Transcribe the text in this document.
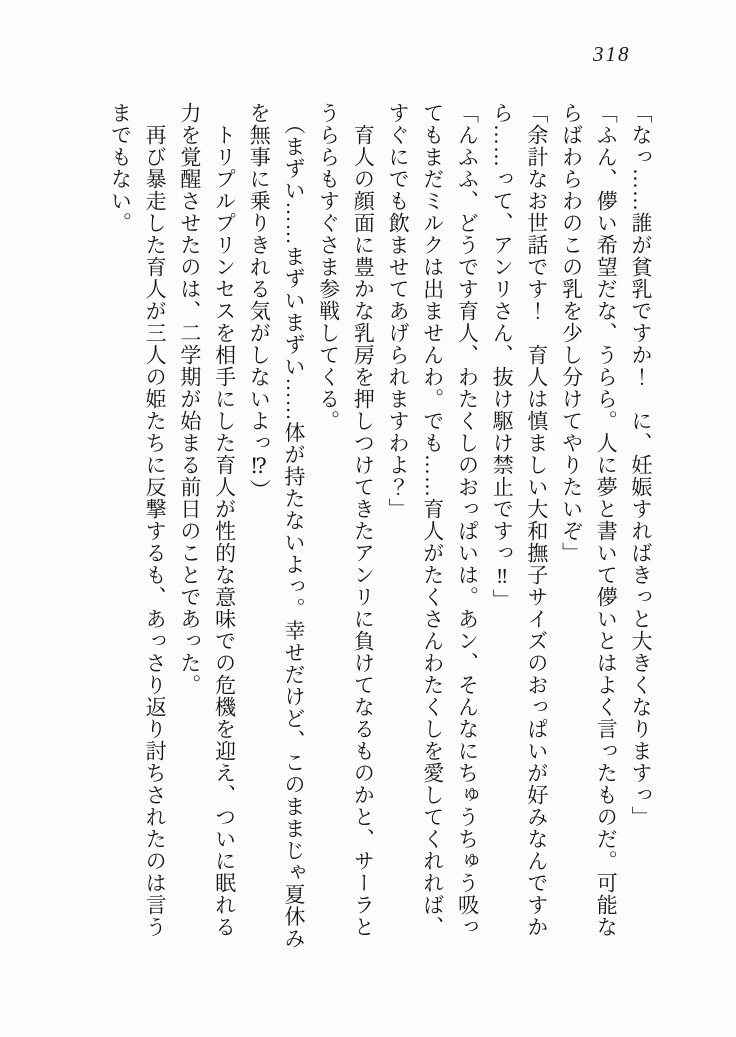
318

「なっ……誰が貧乳ですか！　に、妊娠すればきっと大きくなりますっ」

「ふん、儚い希望だな、うらら。人に夢と書いて儚いとはよく言ったものだ。可能な

らばわらわのこの乳を少し分けてやりたいぞ」

「余計なお世話です！　育人は慎ましい大和撫子サイズのおっぱいが好みなんですか

ら……って、アンリさん、抜け駆け禁止ですっ‼」

「んふふ、どうです育人、わたくしのおっぱいは。あン、そんなにちゅうちゅう吸っ

てもまだミルクは出ませんわ。でも……育人がたくさんわたくしを愛してくれれば、

すぐにでも飲ませてあげられますわよ？」

　育人の顔面に豊かな乳房を押しつけてきたアンリに負けてなるものかと、サーラと

うららもすぐさま参戦してくる。

　（まずい……まずいまずい……体が持たないよっ。幸せだけど、このままじゃ夏休み

を無事に乗りきれる気がしないよっ⁉）

　トリプルプリンセスを相手にした育人が性的な意味での危機を迎え、ついに眠れる

力を覚醒させたのは、二学期が始まる前日のことであった。

　再び暴走した育人が三人の姫たちに反撃するも、あっさり返り討ちされたのは言う

までもない。
